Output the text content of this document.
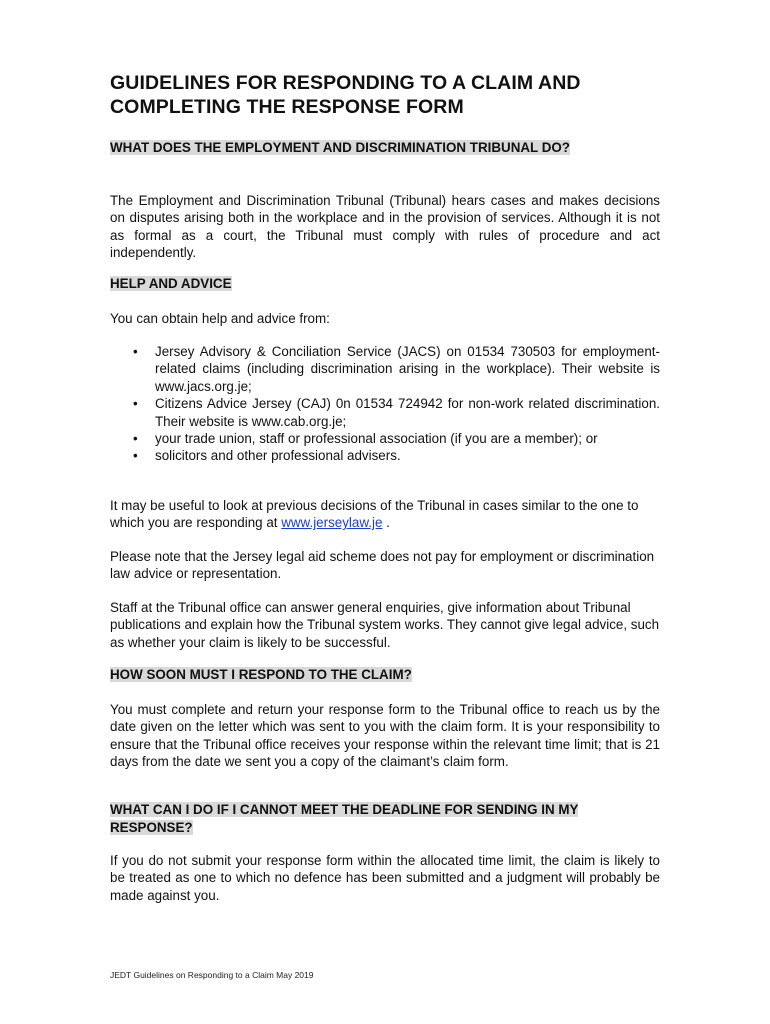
GUIDELINES FOR RESPONDING TO A CLAIM AND COMPLETING THE RESPONSE FORM
WHAT DOES THE EMPLOYMENT AND DISCRIMINATION TRIBUNAL DO?
The Employment and Discrimination Tribunal (Tribunal) hears cases and makes decisions on disputes arising both in the workplace and in the provision of services. Although it is not as formal as a court, the Tribunal must comply with rules of procedure and act independently.
HELP AND ADVICE
You can obtain help and advice from:
• Jersey Advisory & Conciliation Service (JACS) on 01534 730503 for employment-related claims (including discrimination arising in the workplace). Their website is www.jacs.org.je;
• Citizens Advice Jersey (CAJ) 0n 01534 724942 for non-work related discrimination. Their website is www.cab.org.je;
• your trade union, staff or professional association (if you are a member); or
• solicitors and other professional advisers.
It may be useful to look at previous decisions of the Tribunal in cases similar to the one to which you are responding at www.jerseylaw.je .
Please note that the Jersey legal aid scheme does not pay for employment or discrimination law advice or representation.
Staff at the Tribunal office can answer general enquiries, give information about Tribunal publications and explain how the Tribunal system works. They cannot give legal advice, such as whether your claim is likely to be successful.
HOW SOON MUST I RESPOND TO THE CLAIM?
You must complete and return your response form to the Tribunal office to reach us by the date given on the letter which was sent to you with the claim form. It is your responsibility to ensure that the Tribunal office receives your response within the relevant time limit; that is 21 days from the date we sent you a copy of the claimant’s claim form.
WHAT CAN I DO IF I CANNOT MEET THE DEADLINE FOR SENDING IN MY
RESPONSE?
If you do not submit your response form within the allocated time limit, the claim is likely to be treated as one to which no defence has been submitted and a judgment will probably be made against you.
JEDT Guidelines on Responding to a Claim May 2019
